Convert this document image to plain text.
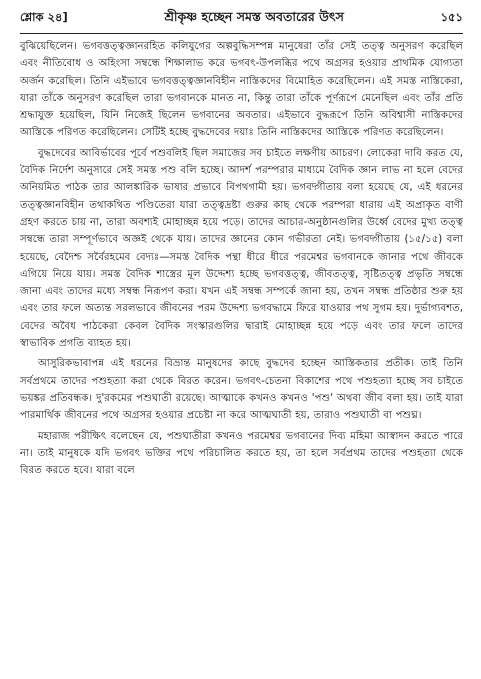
শ্লোক ২৪]	শ্রীকৃষ্ণ হচ্ছেন সমস্ত অবতারের উৎস	১৫১

বুঝিয়েছিলেন। ভগবত্তত্ত্বজ্ঞানরহিত কলিযুগের অল্পবুদ্ধিসম্পন্ন মানুষেরা তাঁর সেই তত্ত্ব অনুসরণ করেছিল এবং নীতিবোধ ও অহিংসা সম্বন্ধে শিক্ষালাভ করে ভগবৎ-উপলব্ধির পথে অগ্রসর হওয়ার প্রাথমিক যোগ্যতা অর্জন করেছিল। তিনি এইভাবে ভগবত্তত্ত্বজ্ঞানবিহীন নাস্তিকদের বিমোহিত করেছিলেন। এই সমস্ত নাস্তিকেরা, যারা তাঁকে অনুসরণ করেছিল তারা ভগবানকে মানত না, কিন্তু তারা তাঁকে পূর্ণরূপে মেনেছিল এবং তাঁর প্রতি শ্রদ্ধাযুক্ত হয়েছিল, যিনি নিজেই ছিলেন ভগবানের অবতার। এইভাবে বুদ্ধরূপে তিনি অবিশ্বাসী নাস্তিকদের আস্তিকে পরিণত করেছিলেন। সেটিই হচ্ছে বুদ্ধদেবের দয়াঃ তিনি নাস্তিকদের আস্তিকে পরিণত করেছিলেন।

বুদ্ধদেবের আবির্ভাবের পূর্বে পশুবলিই ছিল সমাজের সব চাইতে লক্ষণীয় আচরণ। লোকেরা দাবি করত যে, বৈদিক নির্দেশ অনুসারে সেই সমস্ত পশু বলি হচ্ছে। আদর্শ পরম্পরার মাধ্যমে বৈদিক জ্ঞান লাভ না হলে বেদের অনিয়মিত পাঠক তার আলঙ্কারিক ভাষার প্রভাবে বিপথগামী হয়। ভগবদ্গীতায় বলা হয়েছে যে, এই ধরনের তত্ত্বজ্ঞানবিহীন তথাকথিত পণ্ডিতেরা যারা তত্ত্বদ্রষ্টা গুরুর কাছ থেকে পরম্পরা ধারায় এই অপ্রাকৃত বাণী গ্রহণ করতে চায় না, তারা অবশ্যই মোহাচ্ছন্ন হয়ে পড়ে। তাদের আচার-অনুষ্ঠানগুলির উর্ধ্বে বেদের মুখ্য তত্ত্ব সম্বন্ধে তারা সম্পূর্ণভাবে অজ্ঞই থেকে যায়। তাদের জ্ঞানের কোন গভীরতা নেই। ভগবদ্গীতায় (১৫/১৫) বলা হয়েছে, বেদৈশ্চ সর্বৈরহমেব বেদ্যঃ—সমস্ত বৈদিক পন্থা ধীরে ধীরে পরমেশ্বর ভগবানকে জানার পথে জীবকে এগিয়ে নিয়ে যায়। সমস্ত বৈদিক শাস্ত্রের মূল উদ্দেশ্য হচ্ছে ভগবত্তত্ত্ব, জীবতত্ত্ব, সৃষ্টিতত্ত্ব প্রভৃতি সম্বন্ধে জানা এবং তাদের মধ্যে সম্বন্ধ নিরূপণ করা। যখন এই সম্বন্ধ সম্পর্কে জানা হয়, তখন সম্বন্ধ প্রতিষ্ঠার শুরু হয় এবং তার ফলে অত্যন্ত সরলভাবে জীবনের পরম উদ্দেশ্য ভগবদ্ধামে ফিরে যাওয়ার পথ সুগম হয়। দুর্ভাগ্যবশত, বেদের অবৈধ পাঠকেরা কেবল বৈদিক সংস্কারগুলির দ্বারাই মোহাচ্ছন্ন হয়ে পড়ে এবং তার ফলে তাদের স্বাভাবিক প্রগতি ব্যাহত হয়।

আসুরিকভাবাপন্ন এই ধরনের বিভ্রান্ত মানুষদের কাছে বুদ্ধদেব হচ্ছেন আস্তিকতার প্রতীক। তাই তিনি সর্বপ্রথমে তাদের পশুহত্যা করা থেকে বিরত করেন। ভগবৎ-চেতনা বিকাশের পথে পশুহত্যা হচ্ছে সব চাইতে ভয়ঙ্কর প্রতিবন্ধক। দু'রকমের পশুঘাতী রয়েছে। আত্মাকে কখনও কখনও 'পশু' অথবা জীব বলা হয়। তাই যারা পারমার্থিক জীবনের পথে অগ্রসর হওয়ার প্রচেষ্টা না করে আত্মঘাতী হয়, তারাও পশুঘাতী বা পশুঘ্ন।

মহারাজ পরীক্ষিৎ বলেছেন যে, পশুঘাতীরা কখনও পরমেশ্বর ভগবানের দিব্য মহিমা আস্বাদন করতে পারে না। তাই মানুষকে যদি ভগবৎ ভক্তির পথে পরিচালিত করতে হয়, তা হলে সর্বপ্রথম তাদের পশুহত্যা থেকে বিরত করতে হবে। যারা বলে
